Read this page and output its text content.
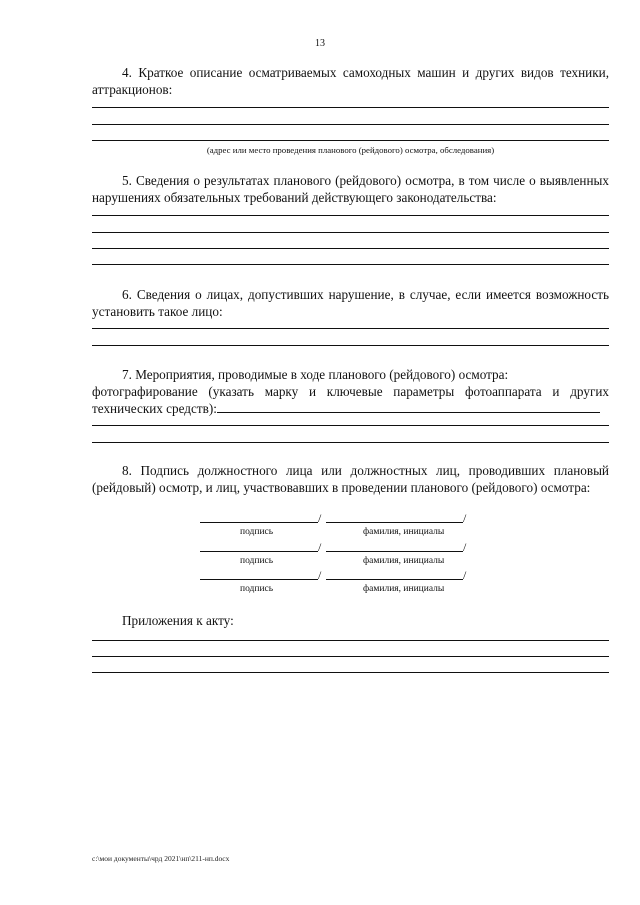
13

4. Краткое описание осматриваемых самоходных машин и других видов техники, аттракционов:

(адрес или место проведения планового (рейдового) осмотра, обследования)

5. Сведения о результатах планового (рейдового) осмотра, в том числе о выявленных нарушениях обязательных требований действующего законодательства:

6. Сведения о лицах, допустивших нарушение, в случае, если имеется возможность установить такое лицо:

7. Мероприятия, проводимые в ходе планового (рейдового) осмотра:

фотографирование (указать марку и ключевые параметры фотоаппарата и других технических средств):

8. Подпись должностного лица или должностных лиц, проводивших плановый (рейдовый) осмотр, и лиц, участвовавших в проведении планового (рейдового) осмотра:

/	/
подпись	фамилия, инициалы
/	/
подпись	фамилия, инициалы
/	/
подпись	фамилия, инициалы

Приложения к акту:

c:\мои документы\чрд 2021\нп\211-нп.docx
